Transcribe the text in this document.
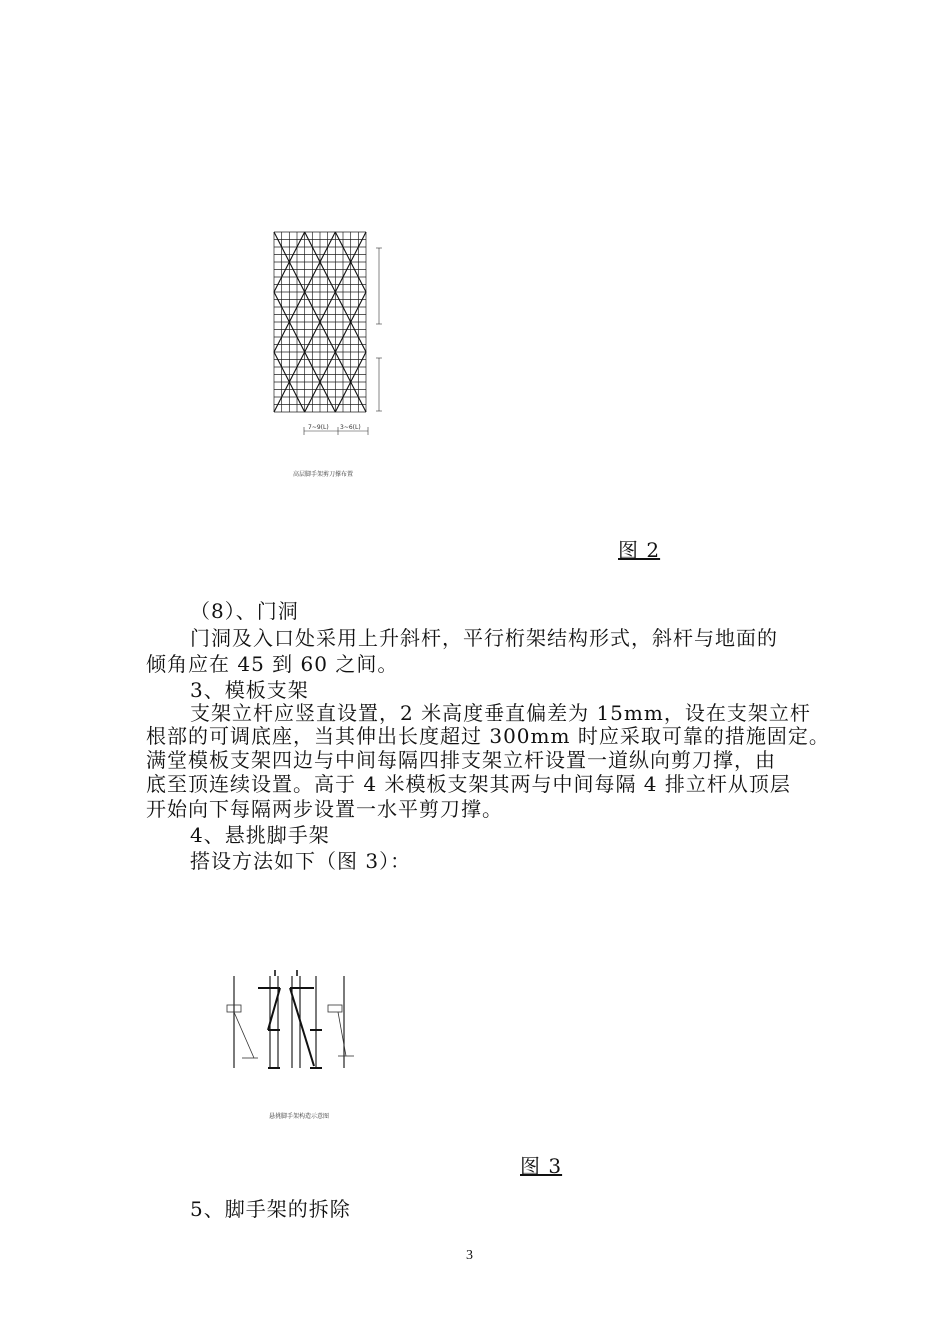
7~9(L) 3~6(L)
高层脚手架剪刀撑布置
图 2
（8）、门洞
门洞及入口处采用上升斜杆，平行桁架结构形式，斜杆与地面的
倾角应在 45 到 60 之间。
3、模板支架
支架立杆应竖直设置，2 米高度垂直偏差为 15mm，设在支架立杆
根部的可调底座，当其伸出长度超过 300mm 时应采取可靠的措施固定。
满堂模板支架四边与中间每隔四排支架立杆设置一道纵向剪刀撑，由
底至顶连续设置。高于 4 米模板支架其两与中间每隔 4 排立杆从顶层
开始向下每隔两步设置一水平剪刀撑。
4、悬挑脚手架
搭设方法如下（图 3）：
悬挑脚手架构造示意图
图 3
5、脚手架的拆除
3
